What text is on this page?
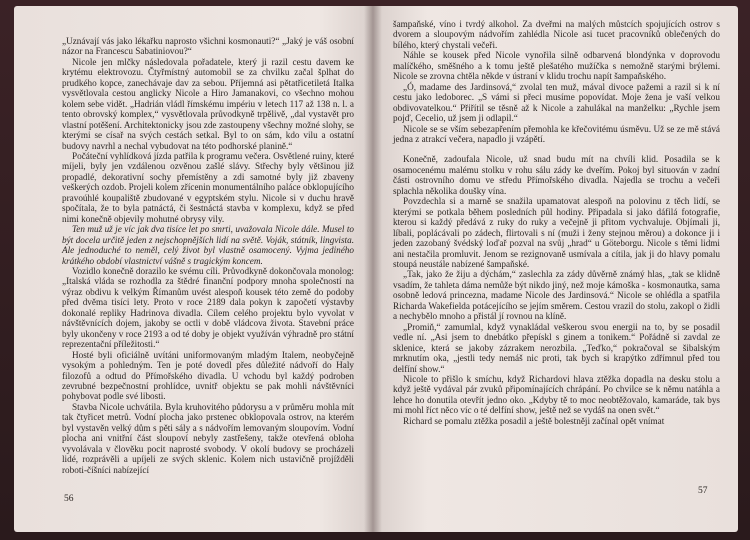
„Uznávají vás jako lékařku naprosto všichni kosmonauti?“ „Jaký je váš osobní názor na Francescu Sabatiniovou?“

Nicole jen mlčky následovala pořadatele, který ji razil cestu davem ke krytému elektrovozu. Čtyřmístný automobil se za chvilku začal šplhat do prudkého kopce, zanechávaje dav za sebou. Příjemná asi pětatřicetiletá Italka vysvětlovala cestou anglicky Nicole a Hiro Jamanakovi, co všechno mohou kolem sebe vidět. „Hadrián vládl římskému impériu v letech 117 až 138 n. l. a tento obrovský komplex,“ vysvětlovala průvodkyně trpělivě, „dal vystavět pro vlastní potěšení. Architektonicky jsou zde zastoupeny všechny možné slohy, se kterými se císař na svých cestách setkal. Byl to on sám, kdo vilu a ostatní budovy navrhl a nechal vybudovat na této podhorské planině.“

Počáteční vyhlídková jízda patřila k programu večera. Osvětlené ruiny, které míjeli, byly jen vzdálenou ozvěnou zašlé slávy. Střechy byly většinou již propadlé, dekorativní sochy přemístěny a zdi samotné byly již zbaveny veškerých ozdob. Projeli kolem zřícenin monumentálního paláce obklopujícího pravoúhlé koupaliště zbudované v egyptském stylu. Nicole si v duchu hravě spočítala, že to byla patnáctá, či šestnáctá stavba v komplexu, když se před nimi konečně objevily mohutné obrysy vily.

Ten muž už je víc jak dva tisíce let po smrti, uvažovala Nicole dále. Musel to být docela určitě jeden z nejschopnějších lidí na světě. Voják, státník, lingvista. Ale jednoduché to neměl, celý život byl vlastně osamocený. Vyjma jediného krátkého období vlastnictví vášně s tragickým koncem.

Vozidlo konečně dorazilo ke svému cíli. Průvodkyně dokončovala monolog: „Italská vláda se rozhodla za štědré finanční podpory mnoha společností na výraz obdivu k velkým Římanům uvést alespoň kousek této země do podoby před dvěma tisíci lety. Proto v roce 2189 dala pokyn k započetí výstavby dokonalé repliky Hadrinova divadla. Cílem celého projektu bylo vyvolat v návštěvnících dojem, jakoby se octli v době vládcova života. Stavební práce byly ukončeny v roce 2193 a od té doby je objekt využíván výhradně pro státní reprezentační příležitosti.“

Hosté byli oficiálně uvítáni uniformovaným mladým Italem, neobyčejně vysokým a pohledným. Ten je poté dovedl přes důležité nádvoří do Haly filozofů a odtud do Přímořského divadla. U vchodu byl každý podroben zevrubné bezpečnostní prohlídce, uvnitř objektu se pak mohli návštěvníci pohybovat podle své libosti.

Stavba Nicole uchvátila. Byla kruhovitého půdorysu a v průměru mohla mít tak čtyřicet metrů. Vodní plocha jako prstenec obklopovala ostrov, na kterém byl vystavěn velký dům s pěti sály a s nádvořím lemovaným sloupovím. Vodní plocha ani vnitřní část sloupoví nebyly zastřešeny, takže otevřená obloha vyvolávala v člověku pocit naprosté svobody. V okolí budovy se procházeli lidé, rozprávěli a upíjeli ze svých sklenic. Kolem nich ustavičně projížděli roboti-číšníci nabízející

56

šampaňské, víno i tvrdý alkohol. Za dveřmi na malých můstcích spojujících ostrov s dvorem a sloupovým nádvořím zahlédla Nicole asi tucet pracovníků oblečených do bílého, který chystali večeři.

Náhle se kousek před Nicole vynořila silně odbarvená blondýnka v doprovodu malíčkého, směšného a k tomu ještě plešatého mužíčka s nemožně starými brýlemi. Nicole se zrovna chtěla někde v ústraní v klidu trochu napít šampaňského.

„Ó, madame des Jardinsová,“ zvolal ten muž, mával divoce pažemi a razil si k ní cestu jako ledoborec. „S vámi si přeci musíme popovídat. Moje žena je vaší velkou obdivovatelkou.“ Přiřítil se těsně až k Nicole a zahulákal na manželku: „Rychle jsem pojď, Cecelio, už jsem ji odlapil.“

Nicole se se vším sebezapřením přemohla ke křečovitému úsměvu. Už se ze mě stává jedna z atrakcí večera, napadlo ji vzápětí.

Konečně, zadoufala Nicole, už snad budu mít na chvíli klid. Posadila se k osamocenému malému stolku v rohu sálu zády ke dveřím. Pokoj byl situován v zadní části ostrovního domu ve středu Přímořského divadla. Najedla se trochu a večeři splachla několika doušky vína.

Povzdechla si a marně se snažila upamatovat alespoň na polovinu z těch lidí, se kterými se potkala během posledních půl hodiny. Připadala si jako dáfilá fotografie, kterou si každý předává z ruky do ruky a večejně ji přitom vychvaluje. Objímali ji, líbali, poplácávali po zádech, flirtovali s ní (muži i ženy stejnou měrou) a dokonce ji i jeden zazobaný švédský loďař pozval na svůj „hrad“ u Göteborgu. Nicole s těmi lidmi ani nestačila promluvit. Jenom se rezignovaně usmívala a cítila, jak ji do hlavy pomalu stoupá neustále nabízené šampaňské.

„Tak, jako že žiju a dýchám,“ zaslechla za zády důvěrně známý hlas, „tak se klidně vsadím, že tahleta dáma nemůže být nikdo jiný, než moje kámoška - kosmonautka, sama osobně ledová princezna, madame Nicole des Jardinsová.“ Nicole se ohlédla a spatřila Richarda Wakefielda potácejícího se jejím směrem. Cestou vrazil do stolu, zakopl o židli a nechybělo mnoho a přistál jí rovnou na klíně.

„Promiň,“ zamumlal, když vynakládal veškerou svou energii na to, by se posadil vedle ní. „Asi jsem to dnebátko přepískl s ginem a tonikem.“ Pořádně si zavdal ze sklenice, která se jakoby zázrakem nerozbila. „Teďko,“ pokračoval se šibalským mrknutím oka, „jestli tedy nemáš nic proti, tak bych si krapýtko zdřímnul před tou delfíní show.“

Nicole to přišlo k smíchu, když Richardovi hlava ztěžka dopadla na desku stolu a když ještě vydával pár zvuků připomínajících chrápání. Po chvilce se k němu natáhla a lehce ho donutila otevřít jedno oko. „Kdyby tě to moc neobtěžovalo, kamaráde, tak bys mi mohl říct něco víc o té delfíní show, ještě než se vydáš na onen svět.“

Richard se pomalu ztěžka posadil a ještě bolestněji začínal opět vnímat

57
